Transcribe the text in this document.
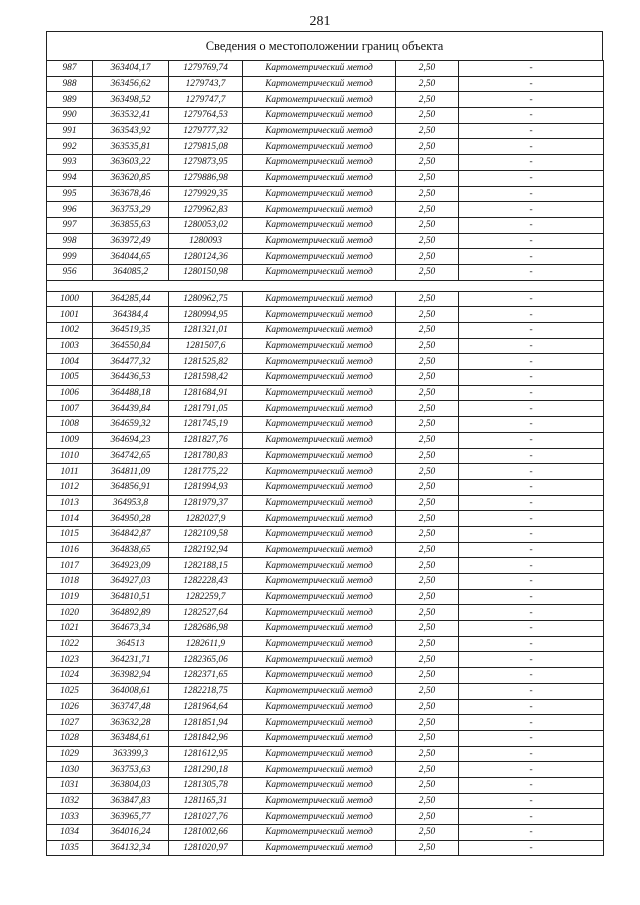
281
Сведения о местоположении границ объекта
987	363404,17	1279769,74	Картометрический метод	2,50	-
988	363456,62	1279743,7	Картометрический метод	2,50	-
989	363498,52	1279747,7	Картометрический метод	2,50	-
990	363532,41	1279764,53	Картометрический метод	2,50	-
991	363543,92	1279777,32	Картометрический метод	2,50	-
992	363535,81	1279815,08	Картометрический метод	2,50	-
993	363603,22	1279873,95	Картометрический метод	2,50	-
994	363620,85	1279886,98	Картометрический метод	2,50	-
995	363678,46	1279929,35	Картометрический метод	2,50	-
996	363753,29	1279962,83	Картометрический метод	2,50	-
997	363855,63	1280053,02	Картометрический метод	2,50	-
998	363972,49	1280093	Картометрический метод	2,50	-
999	364044,65	1280124,36	Картометрический метод	2,50	-
956	364085,2	1280150,98	Картометрический метод	2,50	-

1000	364285,44	1280962,75	Картометрический метод	2,50	-
1001	364384,4	1280994,95	Картометрический метод	2,50	-
1002	364519,35	1281321,01	Картометрический метод	2,50	-
1003	364550,84	1281507,6	Картометрический метод	2,50	-
1004	364477,32	1281525,82	Картометрический метод	2,50	-
1005	364436,53	1281598,42	Картометрический метод	2,50	-
1006	364488,18	1281684,91	Картометрический метод	2,50	-
1007	364439,84	1281791,05	Картометрический метод	2,50	-
1008	364659,32	1281745,19	Картометрический метод	2,50	-
1009	364694,23	1281827,76	Картометрический метод	2,50	-
1010	364742,65	1281780,83	Картометрический метод	2,50	-
1011	364811,09	1281775,22	Картометрический метод	2,50	-
1012	364856,91	1281994,93	Картометрический метод	2,50	-
1013	364953,8	1281979,37	Картометрический метод	2,50	-
1014	364950,28	1282027,9	Картометрический метод	2,50	-
1015	364842,87	1282109,58	Картометрический метод	2,50	-
1016	364838,65	1282192,94	Картометрический метод	2,50	-
1017	364923,09	1282188,15	Картометрический метод	2,50	-
1018	364927,03	1282228,43	Картометрический метод	2,50	-
1019	364810,51	1282259,7	Картометрический метод	2,50	-
1020	364892,89	1282527,64	Картометрический метод	2,50	-
1021	364673,34	1282686,98	Картометрический метод	2,50	-
1022	364513	1282611,9	Картометрический метод	2,50	-
1023	364231,71	1282365,06	Картометрический метод	2,50	-
1024	363982,94	1282371,65	Картометрический метод	2,50	-
1025	364008,61	1282218,75	Картометрический метод	2,50	-
1026	363747,48	1281964,64	Картометрический метод	2,50	-
1027	363632,28	1281851,94	Картометрический метод	2,50	-
1028	363484,61	1281842,96	Картометрический метод	2,50	-
1029	363399,3	1281612,95	Картометрический метод	2,50	-
1030	363753,63	1281290,18	Картометрический метод	2,50	-
1031	363804,03	1281305,78	Картометрический метод	2,50	-
1032	363847,83	1281165,31	Картометрический метод	2,50	-
1033	363965,77	1281027,76	Картометрический метод	2,50	-
1034	364016,24	1281002,66	Картометрический метод	2,50	-
1035	364132,34	1281020,97	Картометрический метод	2,50	-
